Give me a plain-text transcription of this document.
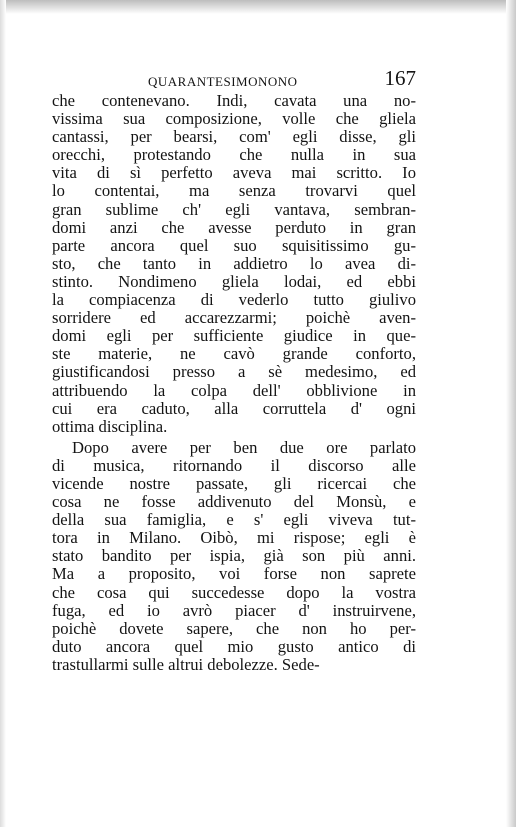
QUARANTESIMONONO	167
che contenevano. Indi, cavata una no-
vissima sua composizione, volle che gliela
cantassi, per bearsi, com' egli disse, gli
orecchi, protestando che nulla in sua
vita di sì perfetto aveva mai scritto. Io
lo contentai, ma senza trovarvi quel
gran sublime ch' egli vantava, sembran-
domi anzi che avesse perduto in gran
parte ancora quel suo squisitissimo gu-
sto, che tanto in addietro lo avea di-
stinto. Nondimeno gliela lodai, ed ebbi
la compiacenza di vederlo tutto giulivo
sorridere ed accarezzarmi; poichè aven-
domi egli per sufficiente giudice in que-
ste materie, ne cavò grande conforto,
giustificandosi presso a sè medesimo, ed
attribuendo la colpa dell' obblivione in
cui era caduto, alla corruttela d' ogni
ottima disciplina.
Dopo avere per ben due ore parlato
di musica, ritornando il discorso alle
vicende nostre passate, gli ricercai che
cosa ne fosse addivenuto del Monsù, e
della sua famiglia, e s' egli viveva tut-
tora in Milano. Oibò, mi rispose; egli è
stato bandito per ispia, già son più anni.
Ma a proposito, voi forse non saprete
che cosa qui succedesse dopo la vostra
fuga, ed io avrò piacer d' instruirvene,
poichè dovete sapere, che non ho per-
duto ancora quel mio gusto antico di
trastullarmi sulle altrui debolezze. Sede-
